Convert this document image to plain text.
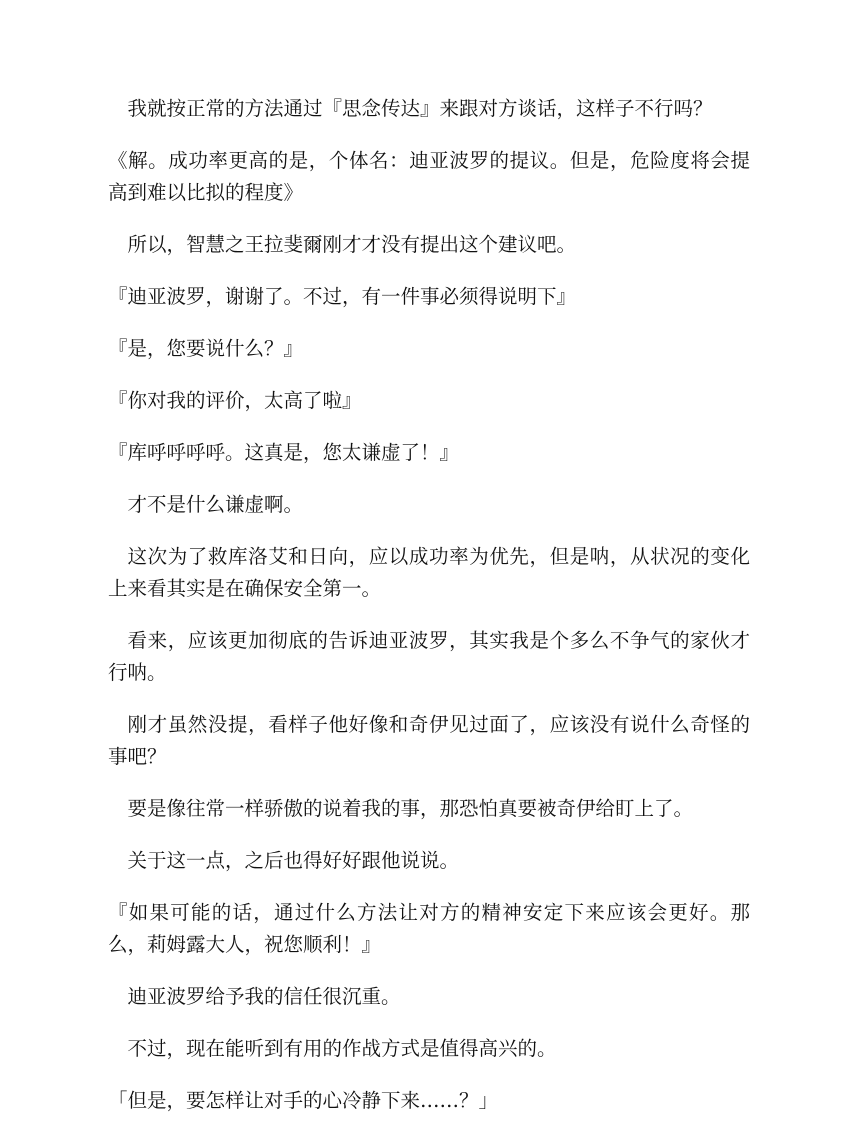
我就按正常的方法通过『思念传达』来跟对方谈话，这样子不行吗？

《解。成功率更高的是，个体名：迪亚波罗的提议。但是，危险度将会提高到难以比拟的程度》

所以，智慧之王拉斐爾刚才才没有提出这个建议吧。

『迪亚波罗，谢谢了。不过，有一件事必须得说明下』

『是，您要说什么？』

『你对我的评价，太高了啦』

『库呼呼呼呼。这真是，您太谦虚了！』

才不是什么谦虚啊。

这次为了救库洛艾和日向，应以成功率为优先，但是呐，从状况的变化上来看其实是在确保安全第一。

看来，应该更加彻底的告诉迪亚波罗，其实我是个多么不争气的家伙才行呐。

刚才虽然没提，看样子他好像和奇伊见过面了，应该没有说什么奇怪的事吧？

要是像往常一样骄傲的说着我的事，那恐怕真要被奇伊给盯上了。

关于这一点，之后也得好好跟他说说。

『如果可能的话，通过什么方法让对方的精神安定下来应该会更好。那么，莉姆露大人，祝您顺利！』

迪亚波罗给予我的信任很沉重。

不过，现在能听到有用的作战方式是值得高兴的。

「但是，要怎样让对手的心冷静下来……？」
